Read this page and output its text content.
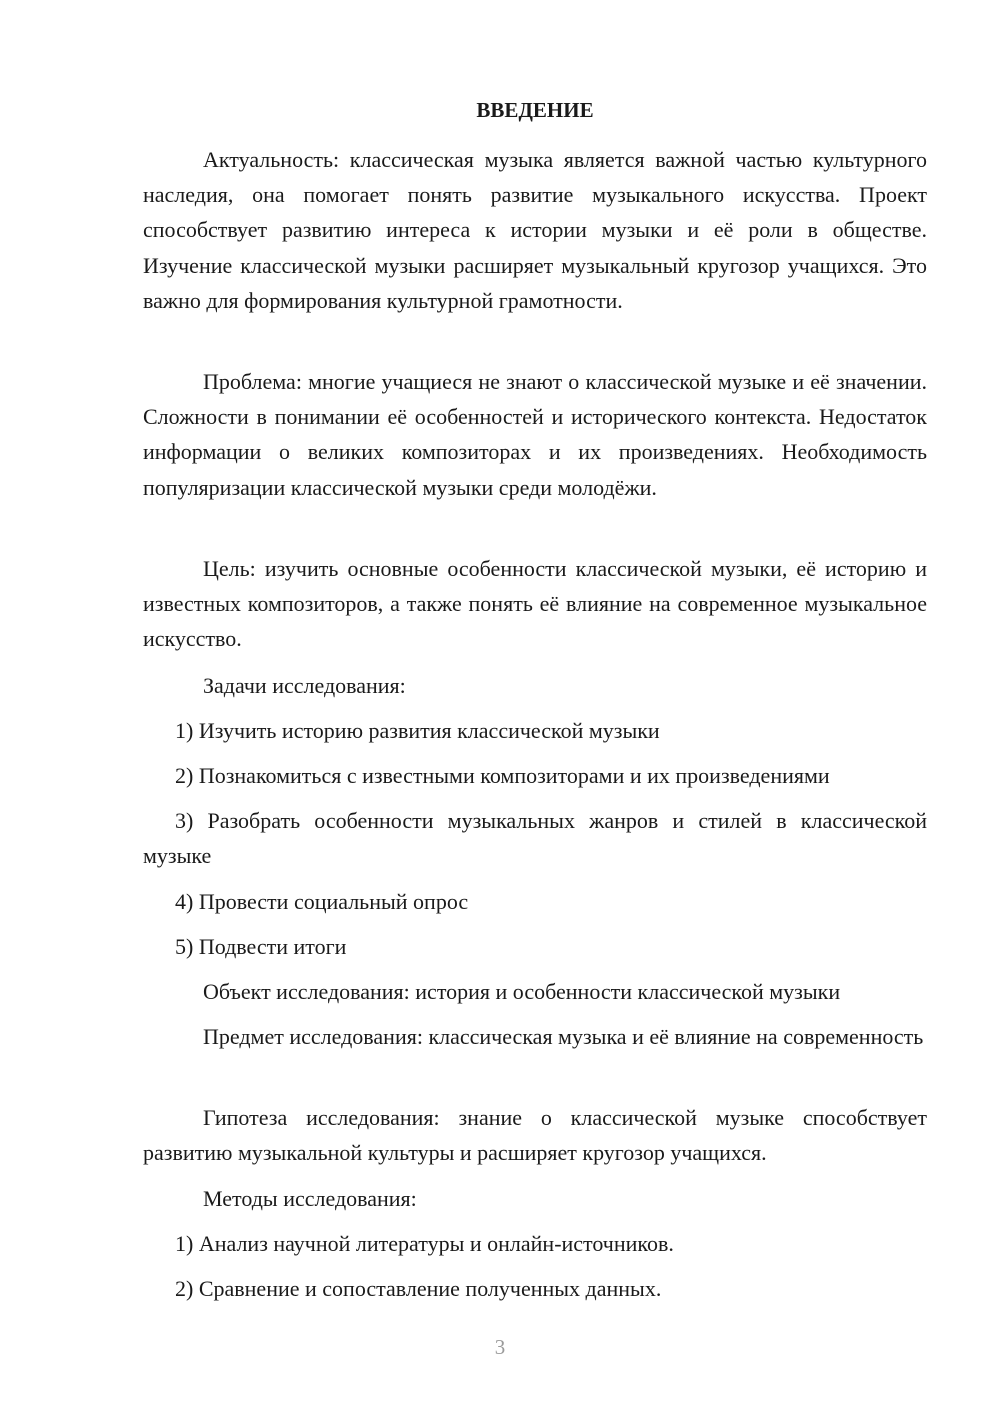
ВВЕДЕНИЕ

Актуальность: классическая музыка является важной частью культурного наследия, она помогает понять развитие музыкального искусства. Проект способствует развитию интереса к истории музыки и её роли в обществе. Изучение классической музыки расширяет музыкальный кругозор учащихся. Это важно для формирования культурной грамотности.

Проблема: многие учащиеся не знают о классической музыке и её значении. Сложности в понимании её особенностей и исторического контекста. Недостаток информации о великих композиторах и их произведениях. Необходимость популяризации классической музыки среди молодёжи.

Цель: изучить основные особенности классической музыки, её историю и известных композиторов, а также понять её влияние на современное музыкальное искусство.

Задачи исследования:

1) Изучить историю развития классической музыки

2) Познакомиться с известными композиторами и их произведениями

3) Разобрать особенности музыкальных жанров и стилей в классической музыке

4) Провести социальный опрос

5) Подвести итоги

Объект исследования: история и особенности классической музыки

Предмет исследования: классическая музыка и её влияние на современность

Гипотеза исследования: знание о классической музыке способствует развитию музыкальной культуры и расширяет кругозор учащихся.

Методы исследования:

1) Анализ научной литературы и онлайн-источников.

2) Сравнение и сопоставление полученных данных.

3
